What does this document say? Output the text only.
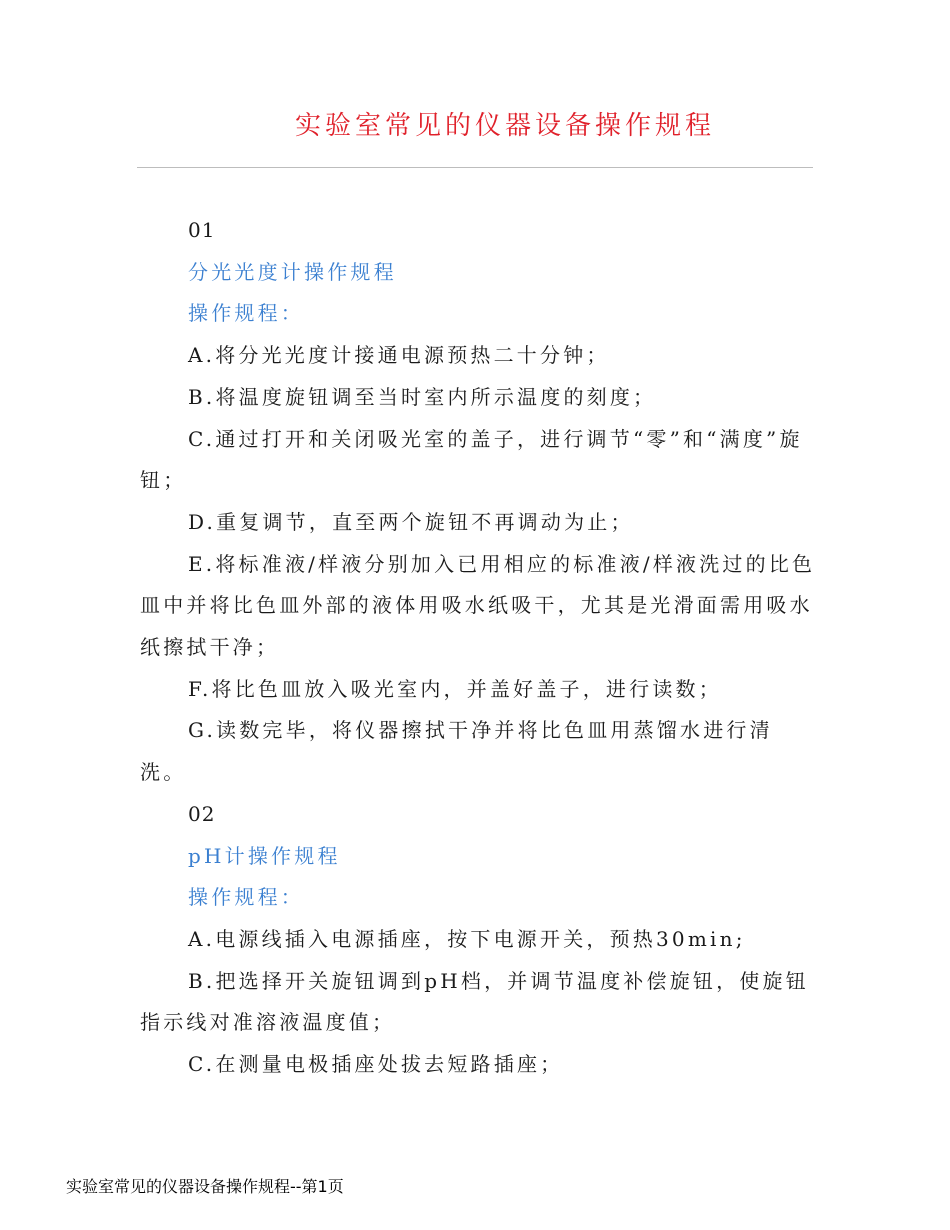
实验室常见的仪器设备操作规程

01

分光光度计操作规程

操作规程：

A.将分光光度计接通电源预热二十分钟；

B.将温度旋钮调至当时室内所示温度的刻度；

C.通过打开和关闭吸光室的盖子，进行调节“零”和“满度”旋钮；

D.重复调节，直至两个旋钮不再调动为止；

E.将标准液/样液分别加入已用相应的标准液/样液洗过的比色皿中并将比色皿外部的液体用吸水纸吸干，尤其是光滑面需用吸水纸擦拭干净；

F.将比色皿放入吸光室内，并盖好盖子，进行读数；

G.读数完毕，将仪器擦拭干净并将比色皿用蒸馏水进行清洗。

02

pH计操作规程

操作规程：

A.电源线插入电源插座，按下电源开关，预热30min;

B.把选择开关旋钮调到pH档，并调节温度补偿旋钮，使旋钮指示线对准溶液温度值；

C.在测量电极插座处拔去短路插座；

实验室常见的仪器设备操作规程--第1页
